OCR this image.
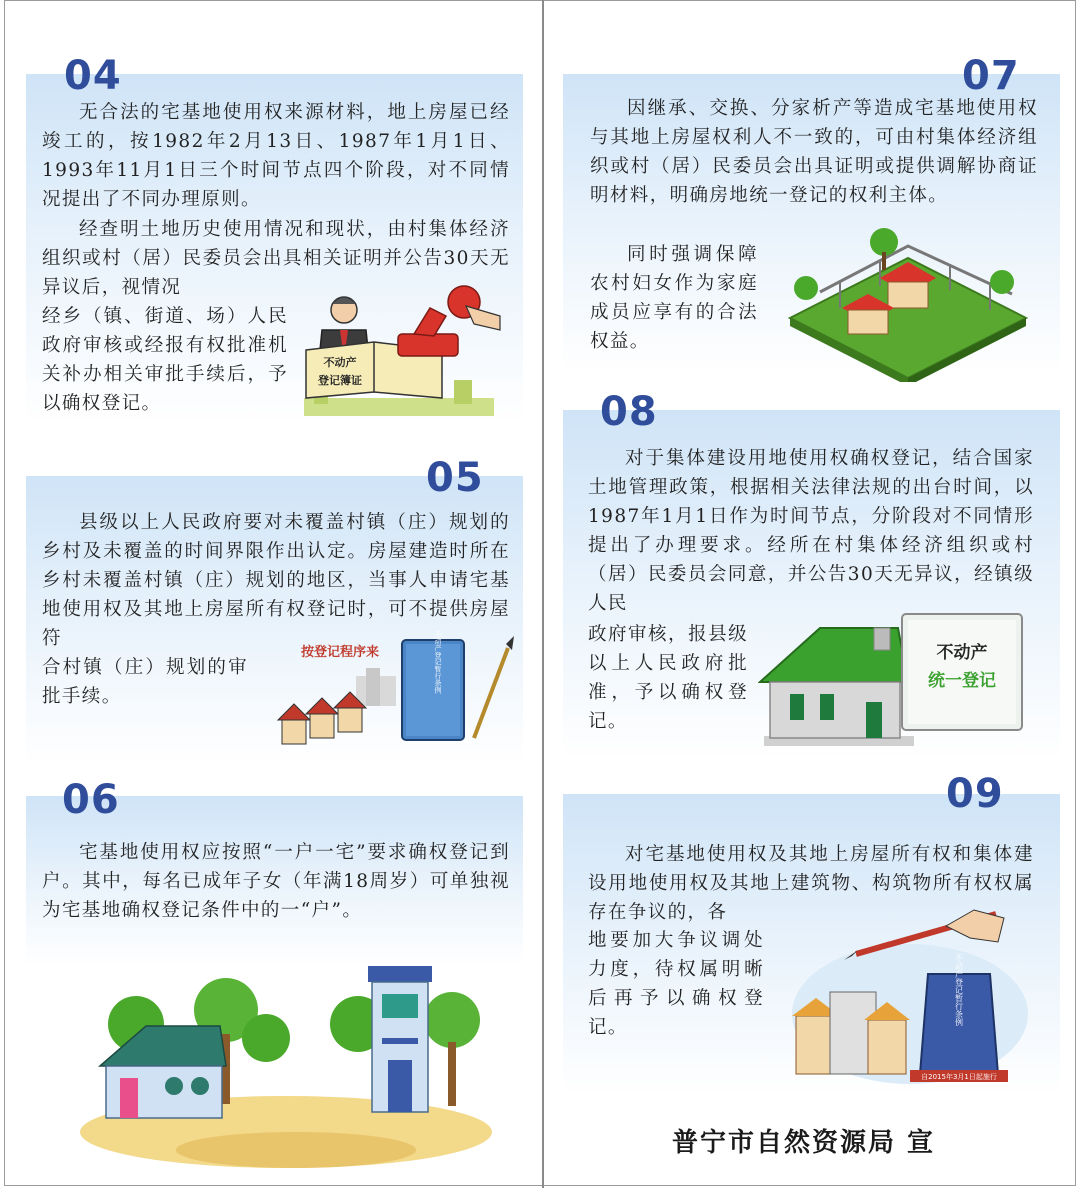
04

无合法的宅基地使用权来源材料，地上房屋已经竣工的，按1982年2月13日、1987年1月1日、1993年11月1日三个时间节点四个阶段，对不同情况提出了不同办理原则。

经查明土地历史使用情况和现状，由村集体经济组织或村（居）民委员会出具相关证明并公告30天无异议后，视情况

经乡（镇、街道、场）人民政府审核或经报有权批准机关补办相关审批手续后，予以确权登记。

不动产
登记簿证
05

县级以上人民政府要对未覆盖村镇（庄）规划的乡村及未覆盖的时间界限作出认定。房屋建造时所在乡村未覆盖村镇（庄）规划的地区，当事人申请宅基地使用权及其地上房屋所有权登记时，可不提供房屋符

合村镇（庄）规划的审批手续。

按登记程序来	不动产登记暂行条例
06

宅基地使用权应按照“一户一宅”要求确权登记到户。其中，每名已成年子女（年满18周岁）可单独视为宅基地确权登记条件中的一“户”。

07

因继承、交换、分家析产等造成宅基地使用权与其地上房屋权利人不一致的，可由村集体经济组织或村（居）民委员会出具证明或提供调解协商证明材料，明确房地统一登记的权利主体。

同时强调保障农村妇女作为家庭成员应享有的合法权益。

08

对于集体建设用地使用权确权登记，结合国家土地管理政策，根据相关法律法规的出台时间，以1987年1月1日作为时间节点，分阶段对不同情形提出了办理要求。经所在村集体经济组织或村（居）民委员会同意，并公告30天无异议，经镇级人民

政府审核，报县级以上人民政府批准，予以确权登记。

不动产
统一登记
09

对宅基地使用权及其地上房屋所有权和集体建设用地使用权及其地上建筑物、构筑物所有权权属存在争议的，各

地要加大争议调处力度，待权属明晰后再予以确权登记。

不动产登记暂行条例
自2015年3月1日起施行
普宁市自然资源局 宣
